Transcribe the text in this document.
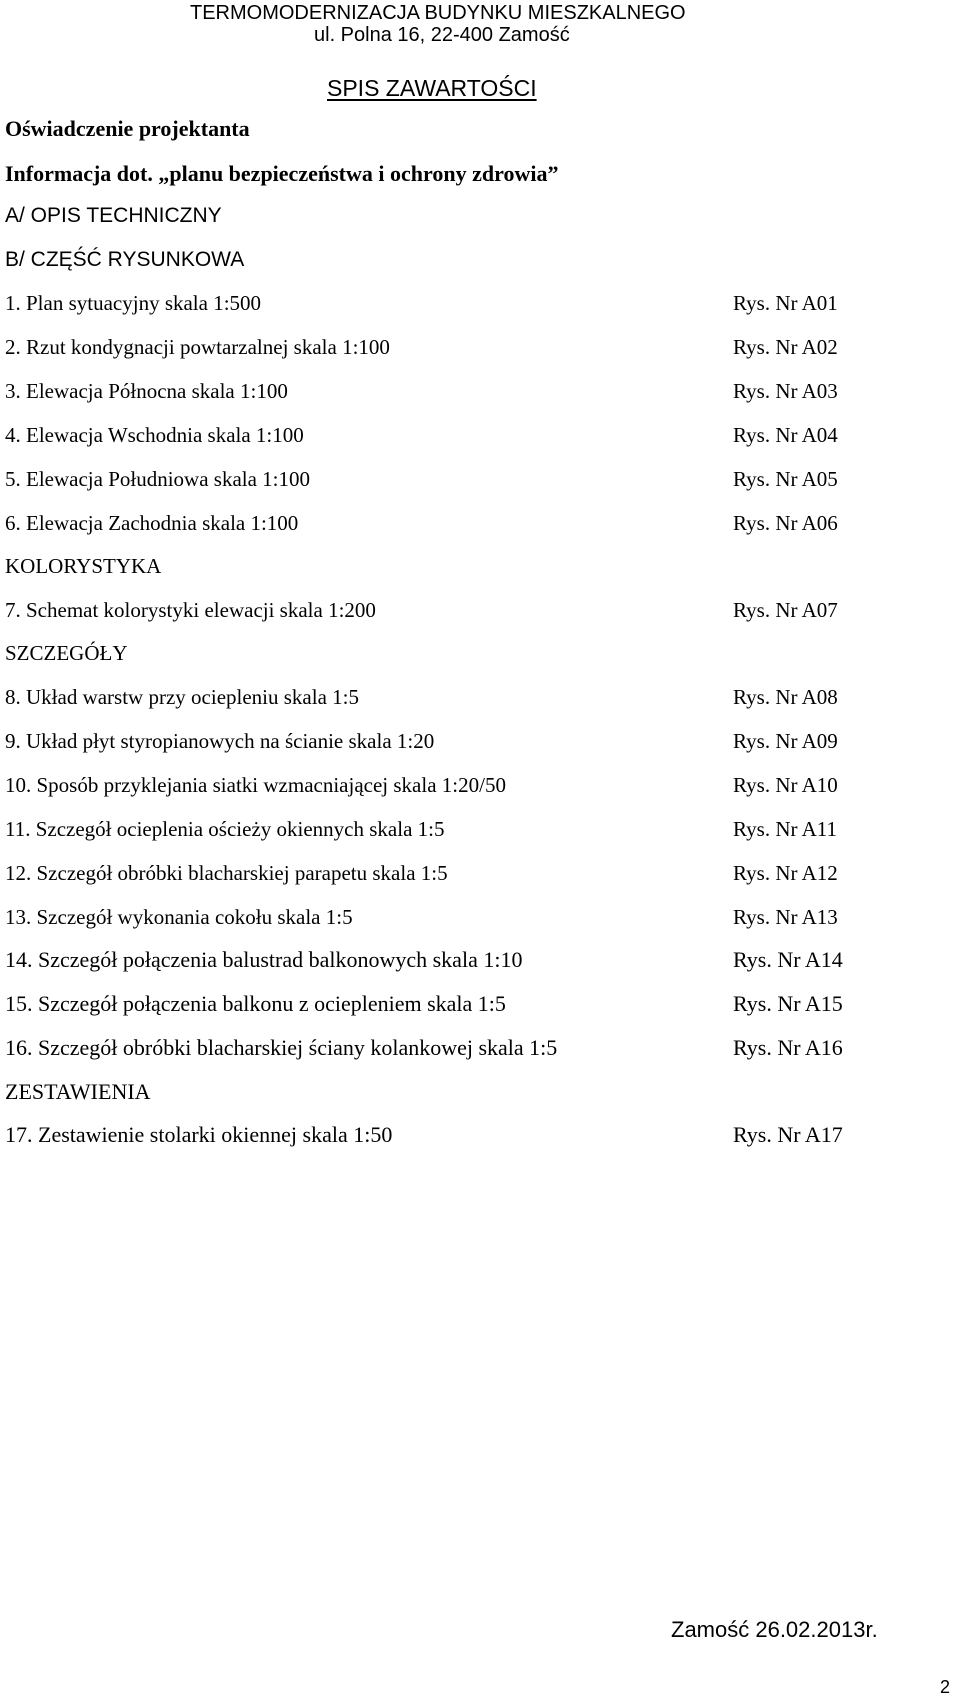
TERMOMODERNIZACJA BUDYNKU MIESZKALNEGO
ul. Polna 16, 22-400 Zamość
SPIS ZAWARTOŚCI
Oświadczenie projektanta
Informacja dot. „planu bezpieczeństwa i ochrony zdrowia”
A/ OPIS TECHNICZNY
B/ CZĘŚĆ RYSUNKOWA
1. Plan sytuacyjny skala 1:500	Rys. Nr A01
2. Rzut kondygnacji powtarzalnej skala 1:100	Rys. Nr A02
3. Elewacja Północna skala 1:100	Rys. Nr A03
4. Elewacja Wschodnia skala 1:100	Rys. Nr A04
5. Elewacja Południowa skala 1:100	Rys. Nr A05
6. Elewacja Zachodnia skala 1:100	Rys. Nr A06
KOLORYSTYKA
7. Schemat kolorystyki elewacji skala 1:200	Rys. Nr A07
SZCZEGÓŁY
8. Układ warstw przy ociepleniu skala 1:5	Rys. Nr A08
9. Układ płyt styropianowych na ścianie skala 1:20	Rys. Nr A09
10. Sposób przyklejania siatki wzmacniającej skala 1:20/50	Rys. Nr A10
11. Szczegół ocieplenia ościeży okiennych skala 1:5	Rys. Nr A11
12. Szczegół obróbki blacharskiej parapetu skala 1:5	Rys. Nr A12
13. Szczegół wykonania cokołu skala 1:5	Rys. Nr A13
14. Szczegół połączenia balustrad balkonowych skala 1:10	Rys. Nr A14
15. Szczegół połączenia balkonu z ociepleniem skala 1:5	Rys. Nr A15
16. Szczegół obróbki blacharskiej ściany kolankowej skala 1:5	Rys. Nr A16
ZESTAWIENIA
17. Zestawienie stolarki okiennej skala 1:50	Rys. Nr A17
Zamość 26.02.2013r.
2
